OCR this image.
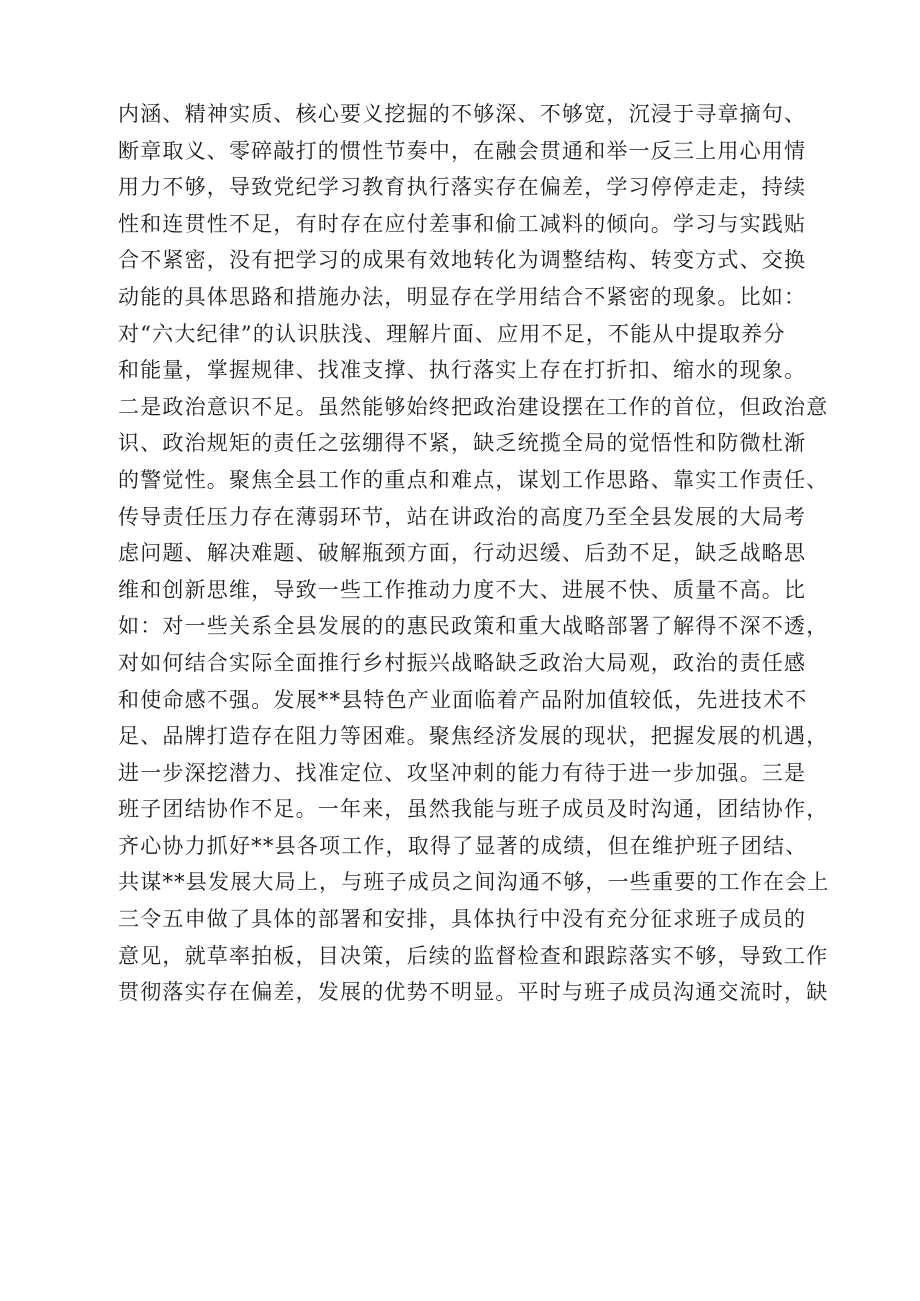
内涵、精神实质、核心要义挖掘的不够深、不够宽，沉浸于寻章摘句、
断章取义、零碎敲打的惯性节奏中，在融会贯通和举一反三上用心用情
用力不够，导致党纪学习教育执行落实存在偏差，学习停停走走，持续
性和连贯性不足，有时存在应付差事和偷工减料的倾向。学习与实践贴
合不紧密，没有把学习的成果有效地转化为调整结构、转变方式、交换
动能的具体思路和措施办法，明显存在学用结合不紧密的现象。比如：
对“六大纪律”的认识肤浅、理解片面、应用不足，不能从中提取养分
和能量，掌握规律、找准支撑、执行落实上存在打折扣、缩水的现象。
二是政治意识不足。虽然能够始终把政治建设摆在工作的首位，但政治意
识、政治规矩的责任之弦绷得不紧，缺乏统揽全局的觉悟性和防微杜渐
的警觉性。聚焦全县工作的重点和难点，谋划工作思路、靠实工作责任、
传导责任压力存在薄弱环节，站在讲政治的高度乃至全县发展的大局考
虑问题、解决难题、破解瓶颈方面，行动迟缓、后劲不足，缺乏战略思
维和创新思维，导致一些工作推动力度不大、进展不快、质量不高。比
如：对一些关系全县发展的的惠民政策和重大战略部署了解得不深不透，
对如何结合实际全面推行乡村振兴战略缺乏政治大局观，政治的责任感
和使命感不强。发展**县特色产业面临着产品附加值较低，先进技术不
足、品牌打造存在阻力等困难。聚焦经济发展的现状，把握发展的机遇，
进一步深挖潜力、找准定位、攻坚冲刺的能力有待于进一步加强。三是
班子团结协作不足。一年来，虽然我能与班子成员及时沟通，团结协作，
齐心协力抓好**县各项工作，取得了显著的成绩，但在维护班子团结、
共谋**县发展大局上，与班子成员之间沟通不够，一些重要的工作在会上
三令五申做了具体的部署和安排，具体执行中没有充分征求班子成员的
意见，就草率拍板，目决策，后续的监督检查和跟踪落实不够，导致工作
贯彻落实存在偏差，发展的优势不明显。平时与班子成员沟通交流时，缺
